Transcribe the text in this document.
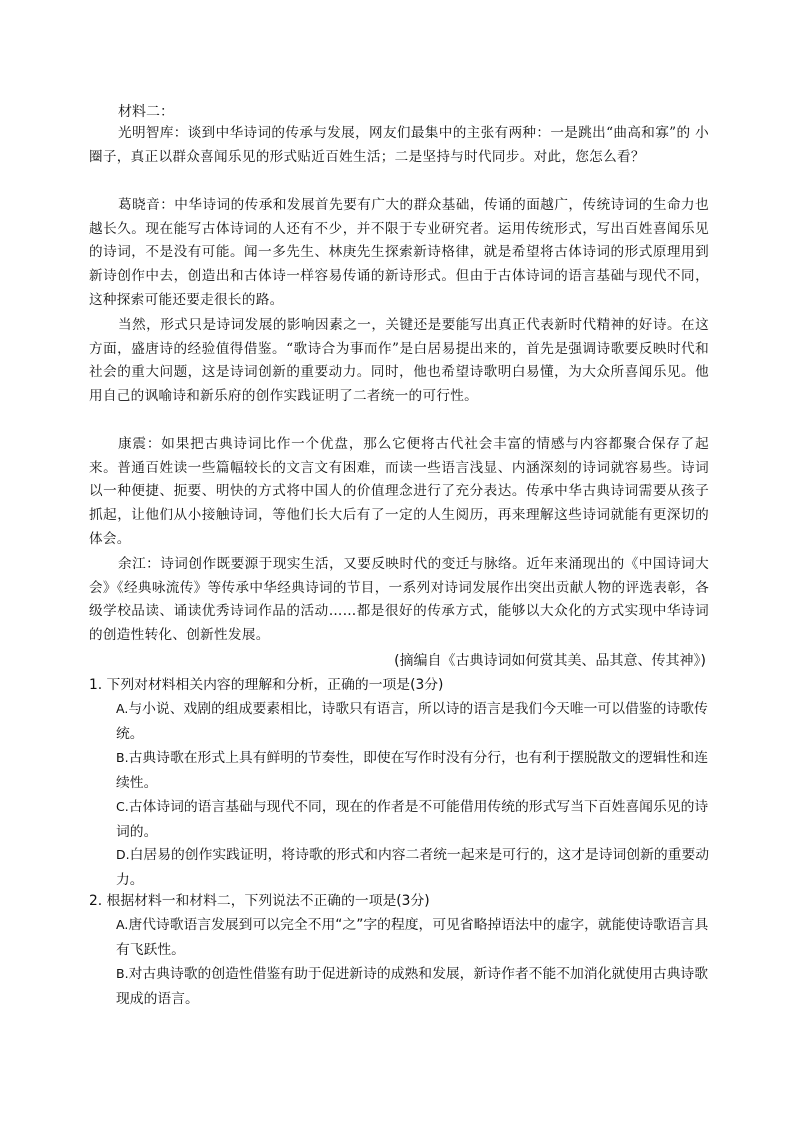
材料二：

光明智库：谈到中华诗词的传承与发展，网友们最集中的主张有两种：一是跳出“曲高和寡”的 小圈子，真正以群众喜闻乐见的形式贴近百姓生活；二是坚持与时代同步。对此，您怎么看？

葛晓音：中华诗词的传承和发展首先要有广大的群众基础，传诵的面越广，传统诗词的生命力也越长久。现在能写古体诗词的人还有不少，并不限于专业研究者。运用传统形式，写出百姓喜闻乐见的诗词，不是没有可能。闻一多先生、林庚先生探索新诗格律，就是希望将古体诗词的形式原理用到新诗创作中去，创造出和古体诗一样容易传诵的新诗形式。但由于古体诗词的语言基础与现代不同，这种探索可能还要走很长的路。

当然，形式只是诗词发展的影响因素之一，关键还是要能写出真正代表新时代精神的好诗。在这方面，盛唐诗的经验值得借鉴。“歌诗合为事而作”是白居易提出来的，首先是强调诗歌要反映时代和社会的重大问题，这是诗词创新的重要动力。同时，他也希望诗歌明白易懂，为大众所喜闻乐见。他用自己的讽喻诗和新乐府的创作实践证明了二者统一的可行性。

康震：如果把古典诗词比作一个优盘，那么它便将古代社会丰富的情感与内容都聚合保存了起来。普通百姓读一些篇幅较长的文言文有困难，而读一些语言浅显、内涵深刻的诗词就容易些。诗词以一种便捷、扼要、明快的方式将中国人的价值理念进行了充分表达。传承中华古典诗词需要从孩子抓起，让他们从小接触诗词，等他们长大后有了一定的人生阅历，再来理解这些诗词就能有更深切的体会。

余江：诗词创作既要源于现实生活，又要反映时代的变迁与脉络。近年来涌现出的《中国诗词大　会》《经典咏流传》等传承中华经典诗词的节目，一系列对诗词发展作出突出贡献人物的评选表彰，各级学校品读、诵读优秀诗词作品的活动……都是很好的传承方式，能够以大众化的方式实现中华诗词的创造性转化、创新性发展。

(摘编自《古典诗词如何赏其美、品其意、传其神》)

1. 下列对材料相关内容的理解和分析，正确的一项是(3分)

A.与小说、戏剧的组成要素相比，诗歌只有语言，所以诗的语言是我们今天唯一可以借鉴的诗歌传统。
B.古典诗歌在形式上具有鲜明的节奏性，即使在写作时没有分行，也有利于摆脱散文的逻辑性和连续性。
C.古体诗词的语言基础与现代不同，现在的作者是不可能借用传统的形式写当下百姓喜闻乐见的诗词的。
D.白居易的创作实践证明，将诗歌的形式和内容二者统一起来是可行的，这才是诗词创新的重要动力。

2. 根据材料一和材料二，下列说法不正确的一项是(3分)

A.唐代诗歌语言发展到可以完全不用“之”字的程度，可见省略掉语法中的虚字，就能使诗歌语言具有飞跃性。
B.对古典诗歌的创造性借鉴有助于促进新诗的成熟和发展，新诗作者不能不加消化就使用古典诗歌现成的语言。
